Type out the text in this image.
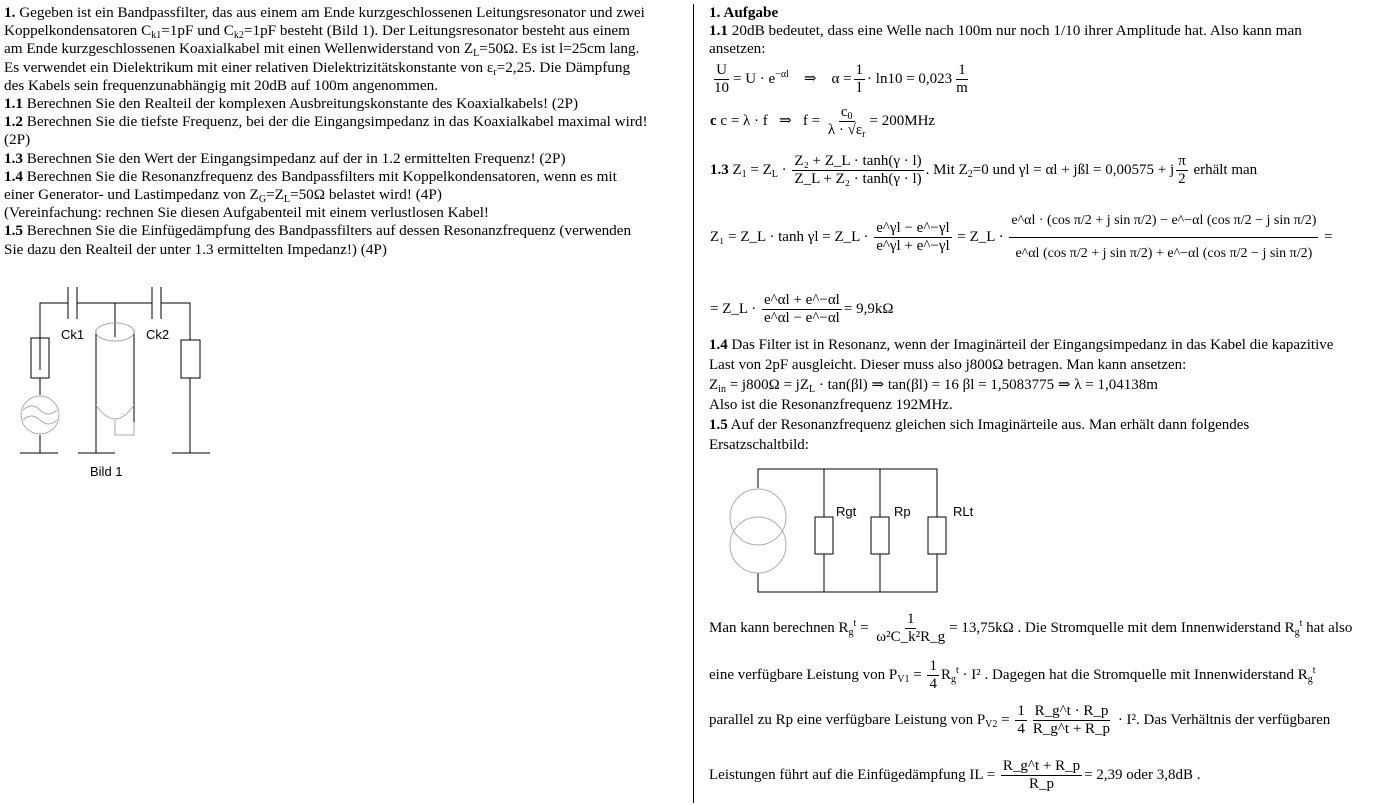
1. Gegeben ist ein Bandpassfilter, das aus einem am Ende kurzgeschlossenen Leitungsresonator und zwei

Koppelkondensatoren $C_{k1}=1pF$ und $C_{k2}=1pF$ besteht (Bild 1). Der Leitungsresonator besteht aus einem

am Ende kurzgeschlossenen Koaxialkabel mit einen Wellenwiderstand von $Z_L=50\Omega$. Es ist l=25cm lang.

Es verwendet ein Dielektrikum mit einer relativen Dielektrizitätskonstante von $\varepsilon_r=2,25$. Die Dämpfung

des Kabels sein frequenzunabhängig mit 20dB auf 100m angenommen.

1.1 Berechnen Sie den Realteil der komplexen Ausbreitungskonstante des Koaxialkabels! (2P)

1.2 Berechnen Sie die tiefste Frequenz, bei der die Eingangsimpedanz in das Koaxialkabel maximal wird!

(2P)

1.3 Berechnen Sie den Wert der Eingangsimpedanz auf der in 1.2 ermittelten Frequenz! (2P)

1.4 Berechnen Sie die Resonanzfrequenz des Bandpassfilters mit Koppelkondensatoren, wenn es mit

einer Generator- und Lastimpedanz von $Z_G=Z_L=50\Omega$ belastet wird! (4P)

(Vereinfachung: rechnen Sie diesen Aufgabenteil mit einem verlustlosen Kabel!

1.5 Berechnen Sie die Einfügedämpfung des Bandpassfilters auf dessen Resonanzfrequenz (verwenden

Sie dazu den Realteil der unter 1.3 ermittelten Impedanz!) (4P)

Ck1	Ck2
Bild 1

1. Aufgabe

1.1 20dB bedeutet, dass eine Welle nach 100m nur noch 1/10 ihrer Amplitude hat. Also kann man

ansetzen:

$\frac{U}{10} = U \cdot e^{-\alpha l}$ ⇒ $\alpha = \frac{1}{l} \cdot \ln 10 = 0,023 \frac{1}{m}$
c c = λ · f ⇒ $f = \frac{c_0}{\lambda \cdot √\varepsilon_r} = 200MHz$
1.3 $Z_1 = Z_L \cdot \frac{\text{Z₂ + Z\_L · tanh(γ · l)}}{\text{Z\_L + Z₂ · tanh(γ · l)}}$ . Mit $Z_2=0$ und γl = αl + jßl = 0,00575 + j $\frac{\pi}{2}$ erhält man
Z₁ = Z_L · tanh γl = Z_L · $\frac{e\^{}\gamma l - e\^{}-\gamma l}{e\^{}\gamma l + e\^{}-\gamma l}$ = Z_L · $\frac{\text{e\textasciicircum{}αl · (cos π/2 + j sin π/2) − e\textasciicircum{}−αl (cos π/2 − j sin π/2)}}{\text{e\textasciicircum{}αl (cos π/2 + j sin π/2) + e\textasciicircum{}−αl (cos π/2 − j sin π/2)}}$ =
= Z_L · $\frac{e\^{}\alpha l + e\^{}-\alpha l}{e\^{}\alpha l - e\^{}-\alpha l} = 9,9k\Omega$

1.4 Das Filter ist in Resonanz, wenn der Imaginärteil der Eingangsimpedanz in das Kabel die kapazitive

Last von 2pF ausgleicht. Dieser muss also j800Ω betragen. Man kann ansetzen:

$Z_{in} = j800\Omega = jZ_L \cdot \tan(\beta l)$ ⇒ tan(βl) = 16 βl = 1,5083775 ⇒ λ = 1,04138m

Also ist die Resonanzfrequenz 192MHz.

1.5 Auf der Resonanzfrequenz gleichen sich Imaginärteile aus. Man erhält dann folgendes

Ersatzschaltbild:

Rgt	Rp	RLt
Man kann berechnen $R_g^t = \frac{1}{\text{ω²C\_k²R\_g}} = 13,75k\Omega$ . Die Stromquelle mit dem Innenwiderstand $R_g^t$ hat also
eine verfügbare Leistung von $P_{V1} = \frac{1}{4} R_g^t \cdot I^2$ . Dagegen hat die Stromquelle mit Innenwiderstand $R_g^t$
parallel zu Rp eine verfügbare Leistung von $P_{V2} = \frac{1}{4} \frac{R\_g\^{}t \cdot R\_p}{R\_g\^{}t + R\_p} \cdot I^2$. Das Verhältnis der verfügbaren
Leistungen führt auf die Einfügedämpfung IL = $\frac{R\_g\^{}t + R\_p}{R\_p} = 2,39$ oder 3,8dB .
